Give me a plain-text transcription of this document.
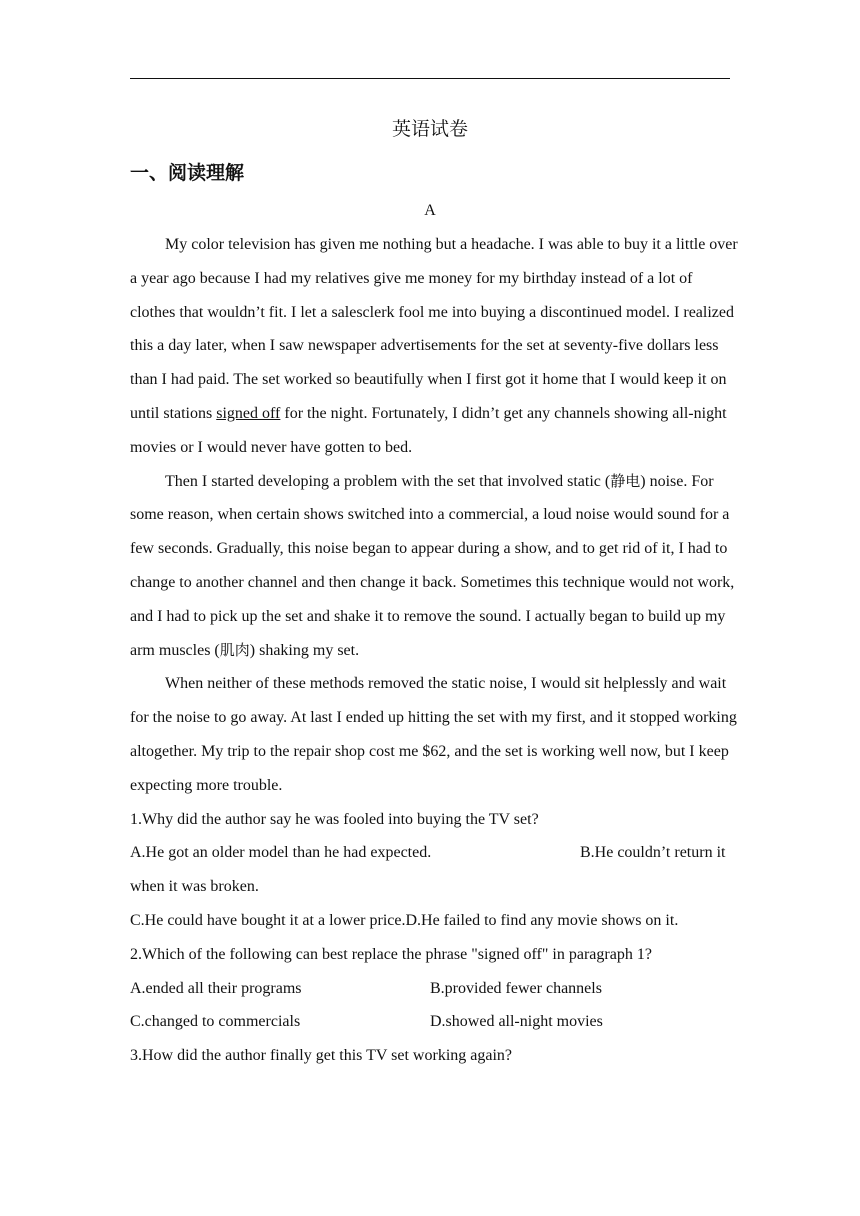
英语试卷
一、阅读理解
A

My color television has given me nothing but a headache. I was able to buy it a little over a year ago because I had my relatives give me money for my birthday instead of a lot of clothes that wouldn’t fit. I let a salesclerk fool me into buying a discontinued model. I realized this a day later, when I saw newspaper advertisements for the set at seventy-five dollars less than I had paid. The set worked so beautifully when I first got it home that I would keep it on until stations signed off for the night. Fortunately, I didn’t get any channels showing all-night movies or I would never have gotten to bed.

Then I started developing a problem with the set that involved static (静电) noise. For some reason, when certain shows switched into a commercial, a loud noise would sound for a few seconds. Gradually, this noise began to appear during a show, and to get rid of it, I had to change to another channel and then change it back. Sometimes this technique would not work, and I had to pick up the set and shake it to remove the sound. I actually began to build up my arm muscles (肌肉) shaking my set.

When neither of these methods removed the static noise, I would sit helplessly and wait for the noise to go away. At last I ended up hitting the set with my first, and it stopped working altogether. My trip to the repair shop cost me $62, and the set is working well now, but I keep expecting more trouble.

1.Why did the author say he was fooled into buying the TV set?

A.He got an older model than he had expected.	B.He couldn’t return it when it was broken.

C.He could have bought it at a lower price.D.He failed to find any movie shows on it.

2.Which of the following can best replace the phrase "signed off" in paragraph 1?

A.ended all their programs	B.provided fewer channels
C.changed to commercials	D.showed all-night movies

3.How did the author finally get this TV set working again?
